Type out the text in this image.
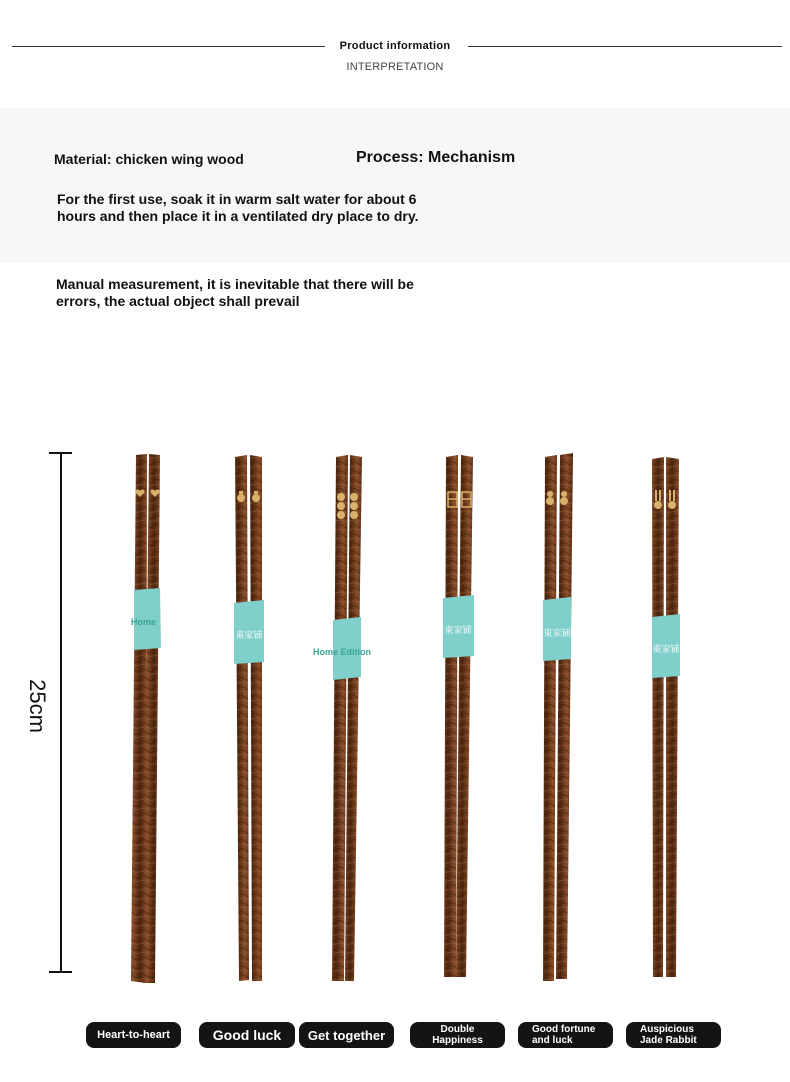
Product information
INTERPRETATION
Material: chicken wing wood	Process: Mechanism
For the first use, soak it in warm salt water for about 6 hours and then place it in a ventilated dry place to dry.
Manual measurement, it is inevitable that there will be errors, the actual object shall prevail
25cm
東家铺	東家铺	東家铺
東家铺
Home
Home Edition
Heart-to-heart	Good luck	Get together	Double Happiness
Good fortune and luck
Auspicious Jade Rabbit
